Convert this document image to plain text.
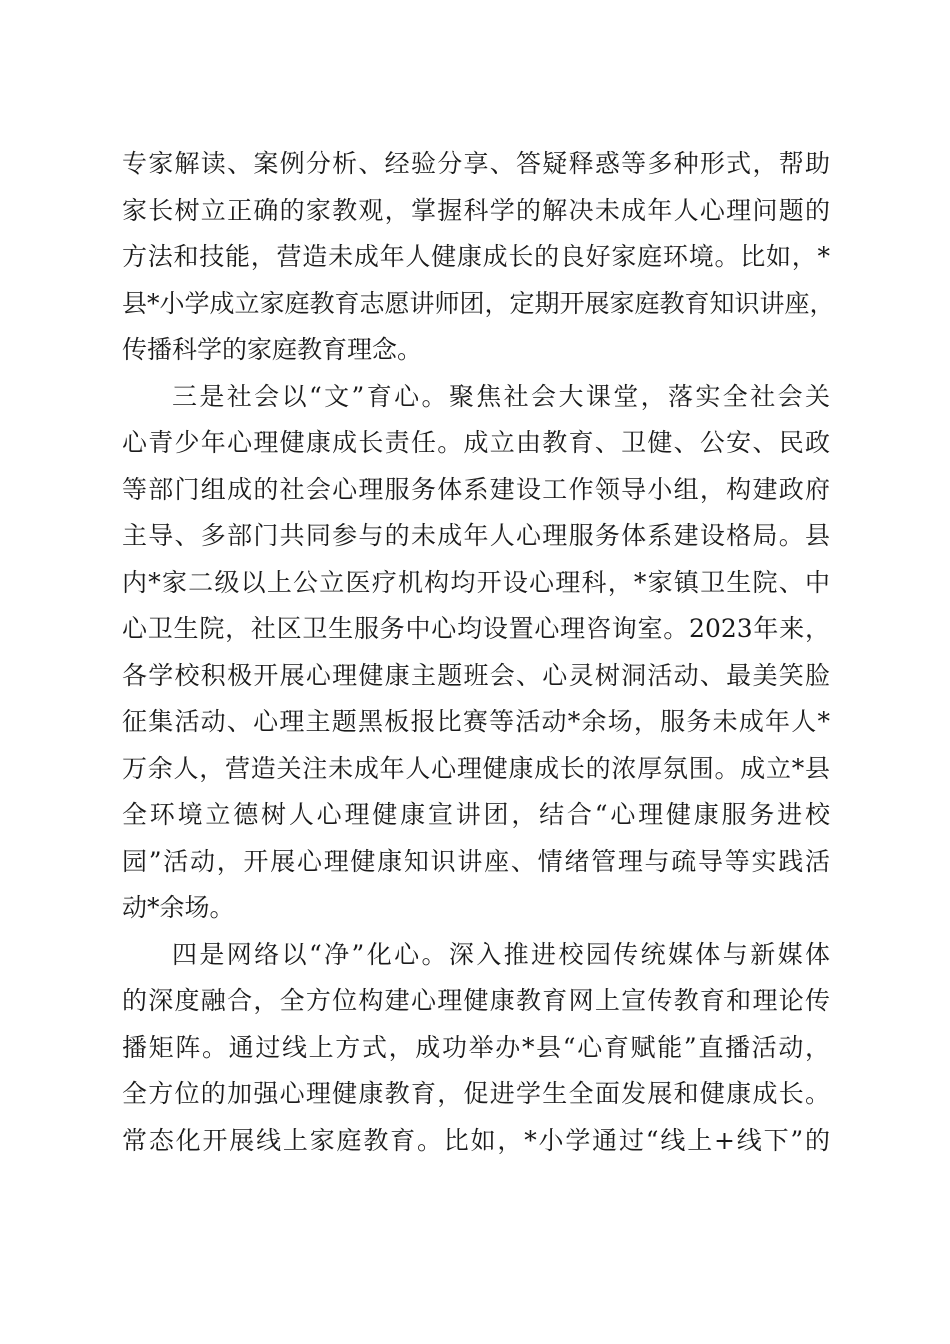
专家解读、案例分析、经验分享、答疑释惑等多种形式，帮助
家长树立正确的家教观，掌握科学的解决未成年人心理问题的
方法和技能，营造未成年人健康成长的良好家庭环境。比如，*
县*小学成立家庭教育志愿讲师团，定期开展家庭教育知识讲座，
传播科学的家庭教育理念。
三是社会以“文”育心。聚焦社会大课堂，落实全社会关
心青少年心理健康成长责任。成立由教育、卫健、公安、民政
等部门组成的社会心理服务体系建设工作领导小组，构建政府
主导、多部门共同参与的未成年人心理服务体系建设格局。县
内*家二级以上公立医疗机构均开设心理科，*家镇卫生院、中
心卫生院，社区卫生服务中心均设置心理咨询室。2023年来，
各学校积极开展心理健康主题班会、心灵树洞活动、最美笑脸
征集活动、心理主题黑板报比赛等活动*余场，服务未成年人*
万余人，营造关注未成年人心理健康成长的浓厚氛围。成立*县
全环境立德树人心理健康宣讲团，结合“心理健康服务进校
园”活动，开展心理健康知识讲座、情绪管理与疏导等实践活
动*余场。
四是网络以“净”化心。深入推进校园传统媒体与新媒体
的深度融合，全方位构建心理健康教育网上宣传教育和理论传
播矩阵。通过线上方式，成功举办*县“心育赋能”直播活动，
全方位的加强心理健康教育，促进学生全面发展和健康成长。
常态化开展线上家庭教育。比如，*小学通过“线上+线下”的
